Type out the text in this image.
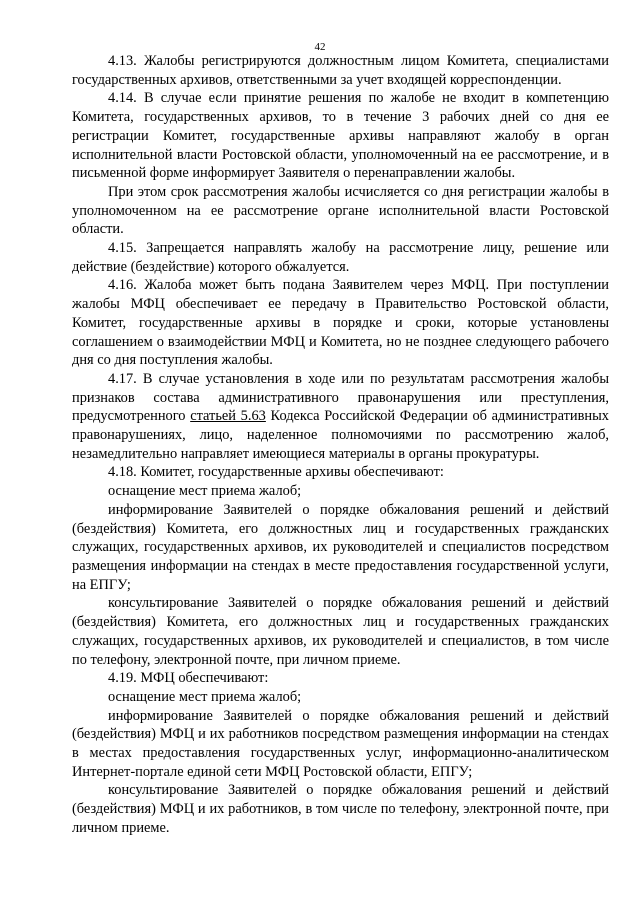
42

4.13. Жалобы регистрируются должностным лицом Комитета, специалистами государственных архивов, ответственными за учет входящей корреспонденции.

4.14. В случае если принятие решения по жалобе не входит в компетенцию Комитета, государственных архивов, то в течение 3 рабочих дней со дня ее регистрации Комитет, государственные архивы направляют жалобу в орган исполнительной власти Ростовской области, уполномоченный на ее рассмотрение, и в письменной форме информирует Заявителя о перенаправлении жалобы.

При этом срок рассмотрения жалобы исчисляется со дня регистрации жалобы в уполномоченном на ее рассмотрение органе исполнительной власти Ростовской области.

4.15. Запрещается направлять жалобу на рассмотрение лицу, решение или действие (бездействие) которого обжалуется.

4.16. Жалоба может быть подана Заявителем через МФЦ. При поступлении жалобы МФЦ обеспечивает ее передачу в Правительство Ростовской области, Комитет, государственные архивы в порядке и сроки, которые установлены соглашением о взаимодействии МФЦ и Комитета, но не позднее следующего рабочего дня со дня поступления жалобы.

4.17. В случае установления в ходе или по результатам рассмотрения жалобы признаков состава административного правонарушения или преступления, предусмотренного статьей 5.63 Кодекса Российской Федерации об административных правонарушениях, лицо, наделенное полномочиями по рассмотрению жалоб, незамедлительно направляет имеющиеся материалы в органы прокуратуры.

4.18. Комитет, государственные архивы обеспечивают:

оснащение мест приема жалоб;

информирование Заявителей о порядке обжалования решений и действий (бездействия) Комитета, его должностных лиц и государственных гражданских служащих, государственных архивов, их руководителей и специалистов посредством размещения информации на стендах в месте предоставления государственной услуги, на ЕПГУ;

консультирование Заявителей о порядке обжалования решений и действий (бездействия) Комитета, его должностных лиц и государственных гражданских служащих, государственных архивов, их руководителей и специалистов, в том числе по телефону, электронной почте, при личном приеме.

4.19. МФЦ обеспечивают:

оснащение мест приема жалоб;

информирование Заявителей о порядке обжалования решений и действий (бездействия) МФЦ и их работников посредством размещения информации на стендах в местах предоставления государственных услуг, информационно-аналитическом Интернет-портале единой сети МФЦ Ростовской области, ЕПГУ;

консультирование Заявителей о порядке обжалования решений и действий (бездействия) МФЦ и их работников, в том числе по телефону, электронной почте, при личном приеме.
